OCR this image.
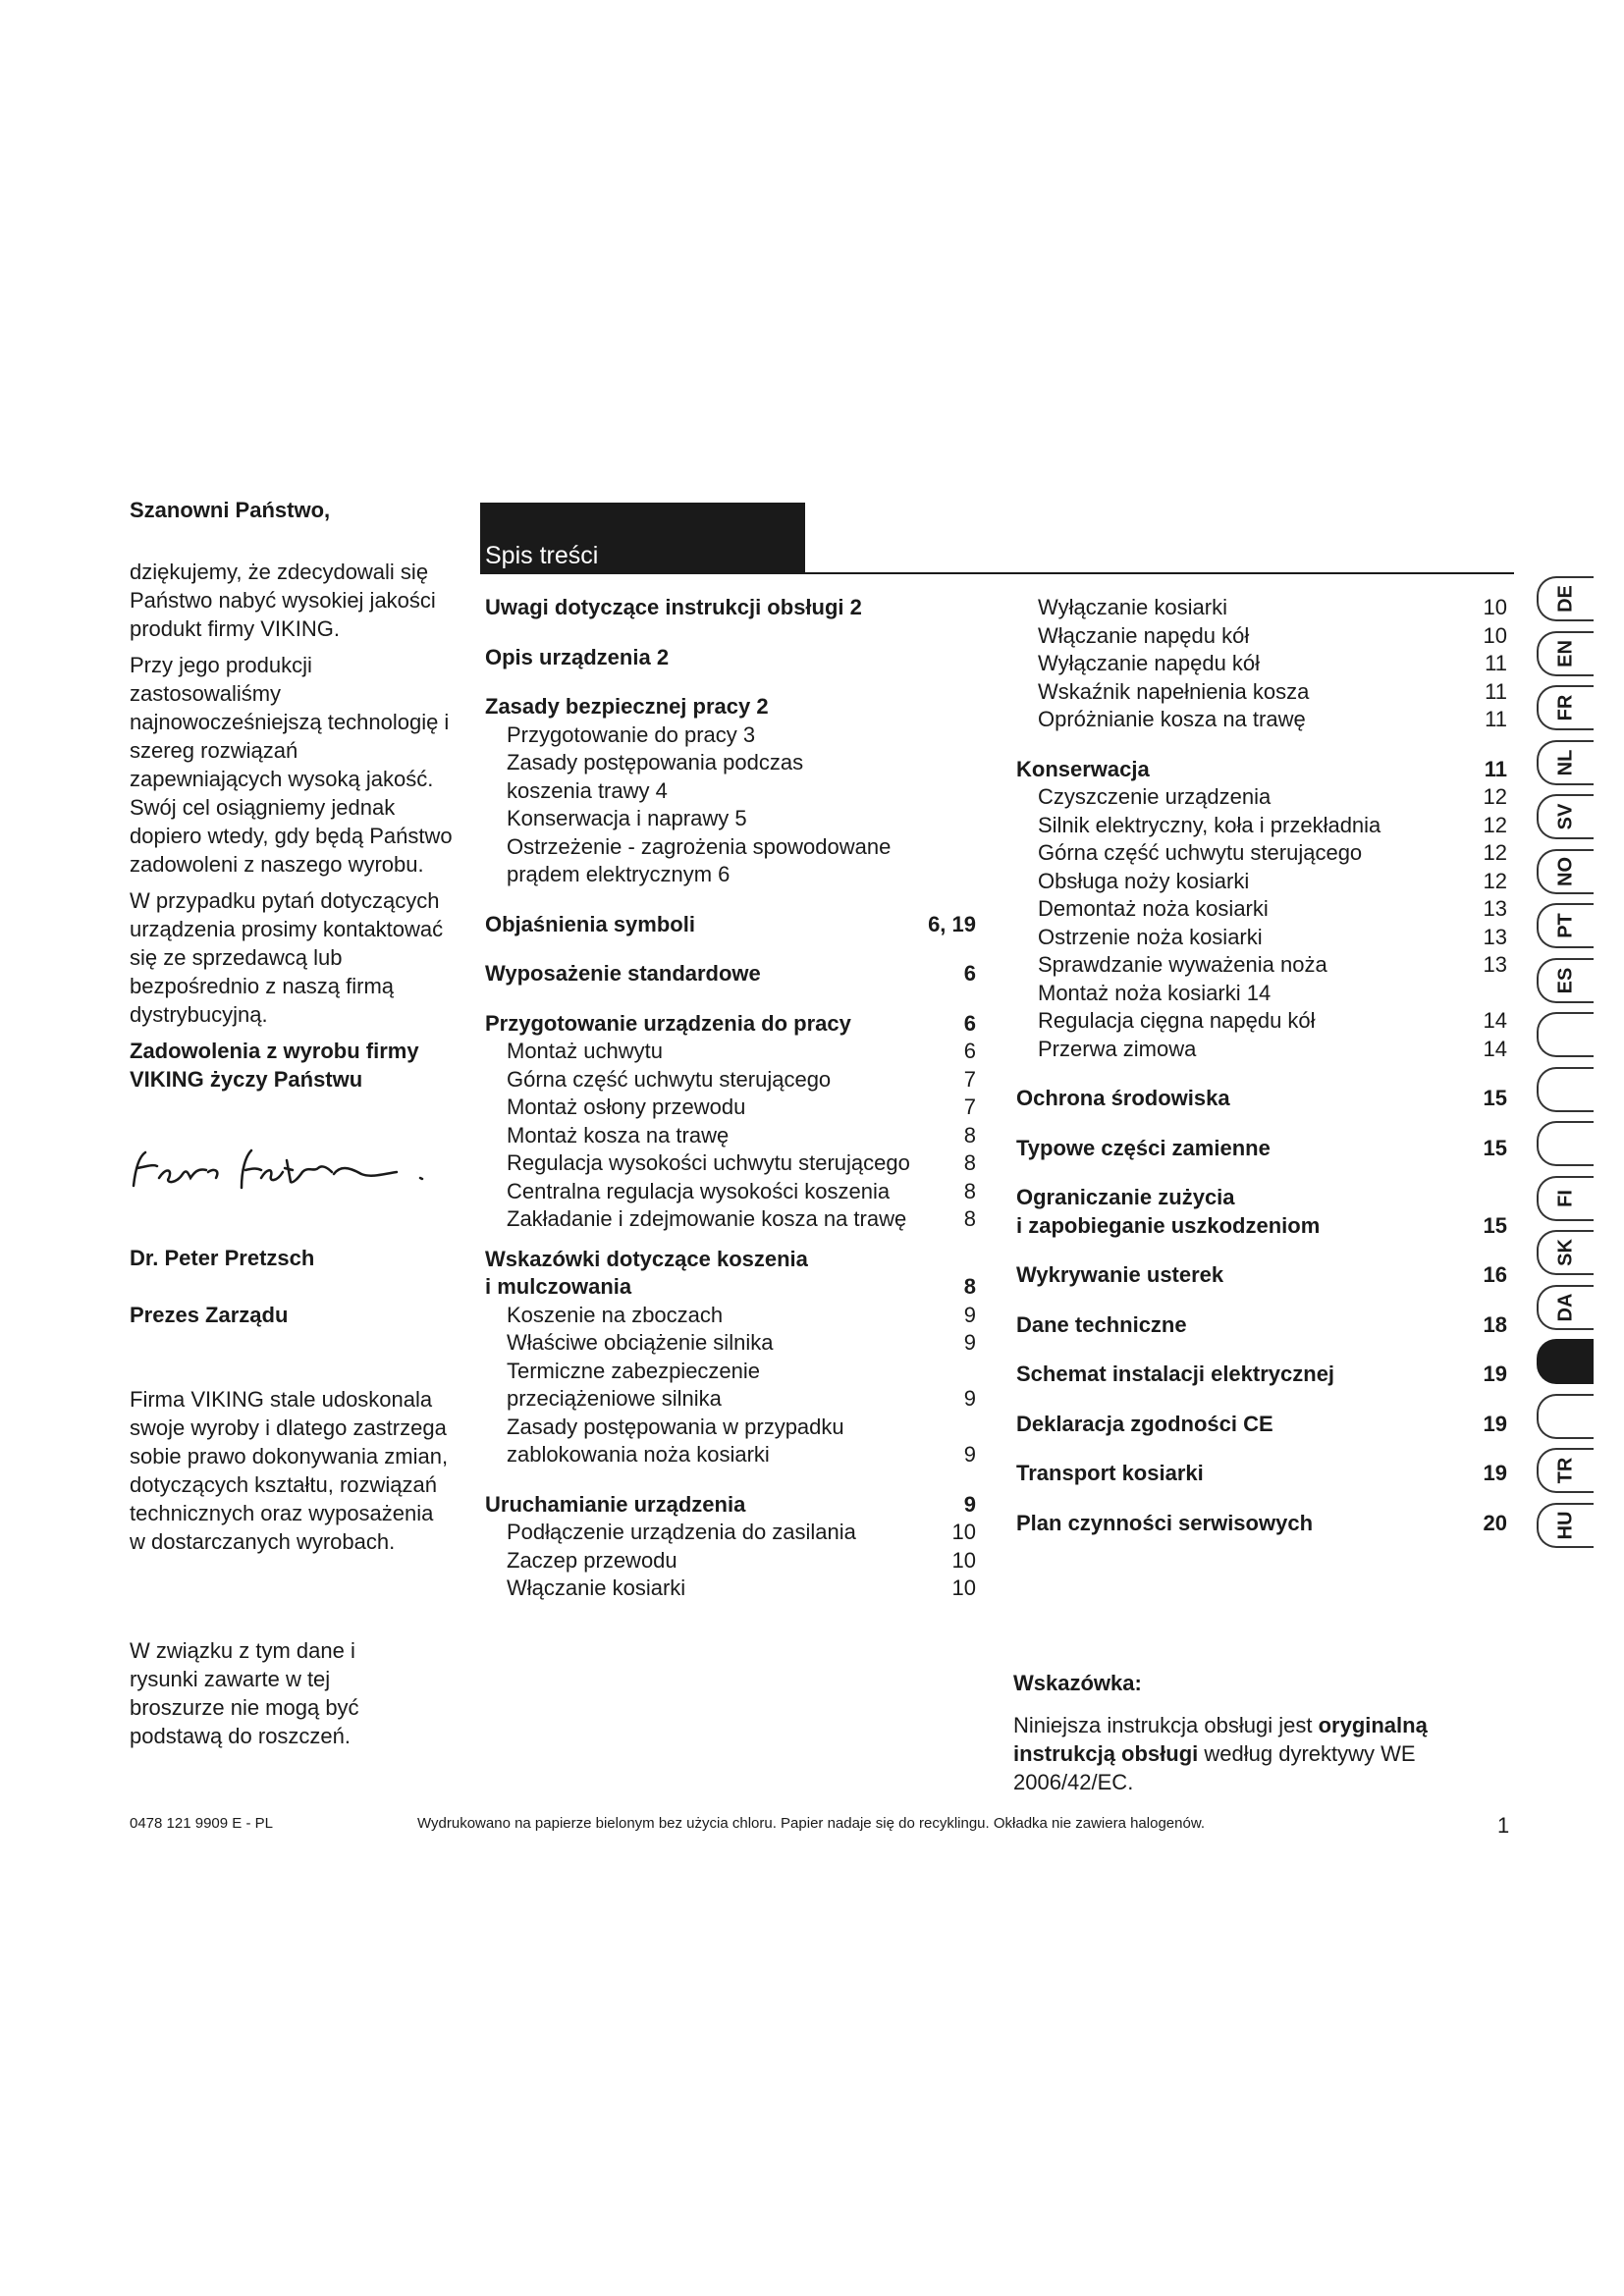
Szanowni Państwo,

dziękujemy, że zdecydowali się Państwo nabyć wysokiej jakości produkt firmy VIKING.

Przy jego produkcji zastosowaliśmy najnowocześniejszą technologię i szereg rozwiązań zapewniających wysoką jakość. Swój cel osiągniemy jednak dopiero wtedy, gdy będą Państwo zadowoleni z naszego wyrobu.

W przypadku pytań dotyczących urządzenia prosimy kontaktować się ze sprzedawcą lub bezpośrednio z naszą firmą dystrybucyjną.

Zadowolenia z wyrobu firmy VIKING życzy Państwu

Dr. Peter Pretzsch

Prezes Zarządu

Firma VIKING stale udoskonala swoje wyroby i dlatego zastrzega sobie prawo dokonywania zmian, dotyczących kształtu, rozwiązań technicznych oraz wyposażenia w dostarczanych wyrobach.

W związku z tym dane i rysunki zawarte w tej broszurze nie mogą być podstawą do roszczeń.

Spis treści
Uwagi dotyczące instrukcji obsługi 2
Opis urządzenia 2
Zasady bezpiecznej pracy 2
Przygotowanie do pracy 3
Zasady postępowania podczas
koszenia trawy 4
Konserwacja i naprawy 5
Ostrzeżenie - zagrożenia spowodowane
prądem elektrycznym 6
Objaśnienia symboli	6, 19
Wyposażenie standardowe	6
Przygotowanie urządzenia do pracy	6
Montaż uchwytu	6
Górna część uchwytu sterującego	7
Montaż osłony przewodu	7
Montaż kosza na trawę	8
Regulacja wysokości uchwytu sterującego 8
Centralna regulacja wysokości koszenia	8
Zakładanie i zdejmowanie kosza na trawę	8
Wskazówki dotyczące koszenia
i mulczowania	8
Koszenie na zboczach	9
Właściwe obciążenie silnika	9
Termiczne zabezpieczenie
przeciążeniowe silnika	9
Zasady postępowania w przypadku
zablokowania noża kosiarki	9
Uruchamianie urządzenia	9
Podłączenie urządzenia do zasilania	10
Zaczep przewodu	10
Włączanie kosiarki	10
Wyłączanie kosiarki	10
Włączanie napędu kół	10
Wyłączanie napędu kół	11
Wskaźnik napełnienia kosza	11
Opróżnianie kosza na trawę	11
Konserwacja	11
Czyszczenie urządzenia	12
Silnik elektryczny, koła i przekładnia	12
Górna część uchwytu sterującego	12
Obsługa noży kosiarki	12
Demontaż noża kosiarki	13
Ostrzenie noża kosiarki	13
Sprawdzanie wyważenia noża	13
Montaż noża kosiarki 14
Regulacja cięgna napędu kół	14
Przerwa zimowa	14
Ochrona środowiska	15
Typowe części zamienne	15
Ograniczanie zużycia
i zapobieganie uszkodzeniom	15
Wykrywanie usterek	16
Dane techniczne	18
Schemat instalacji elektrycznej	19
Deklaracja zgodności CE	19
Transport kosiarki	19
Plan czynności serwisowych	20

Wskazówka:

Niniejsza instrukcja obsługi jest oryginalną instrukcją obsługi według dyrektywy WE 2006/42/EC.

DE
EN
FR
NL
SV
NO
PT
ES
FI
SK
DA
TR
HU
0478 121 9909 E - PL	Wydrukowano na papierze bielonym bez użycia chloru. Papier nadaje się do recyklingu. Okładka nie zawiera halogenów.	1
